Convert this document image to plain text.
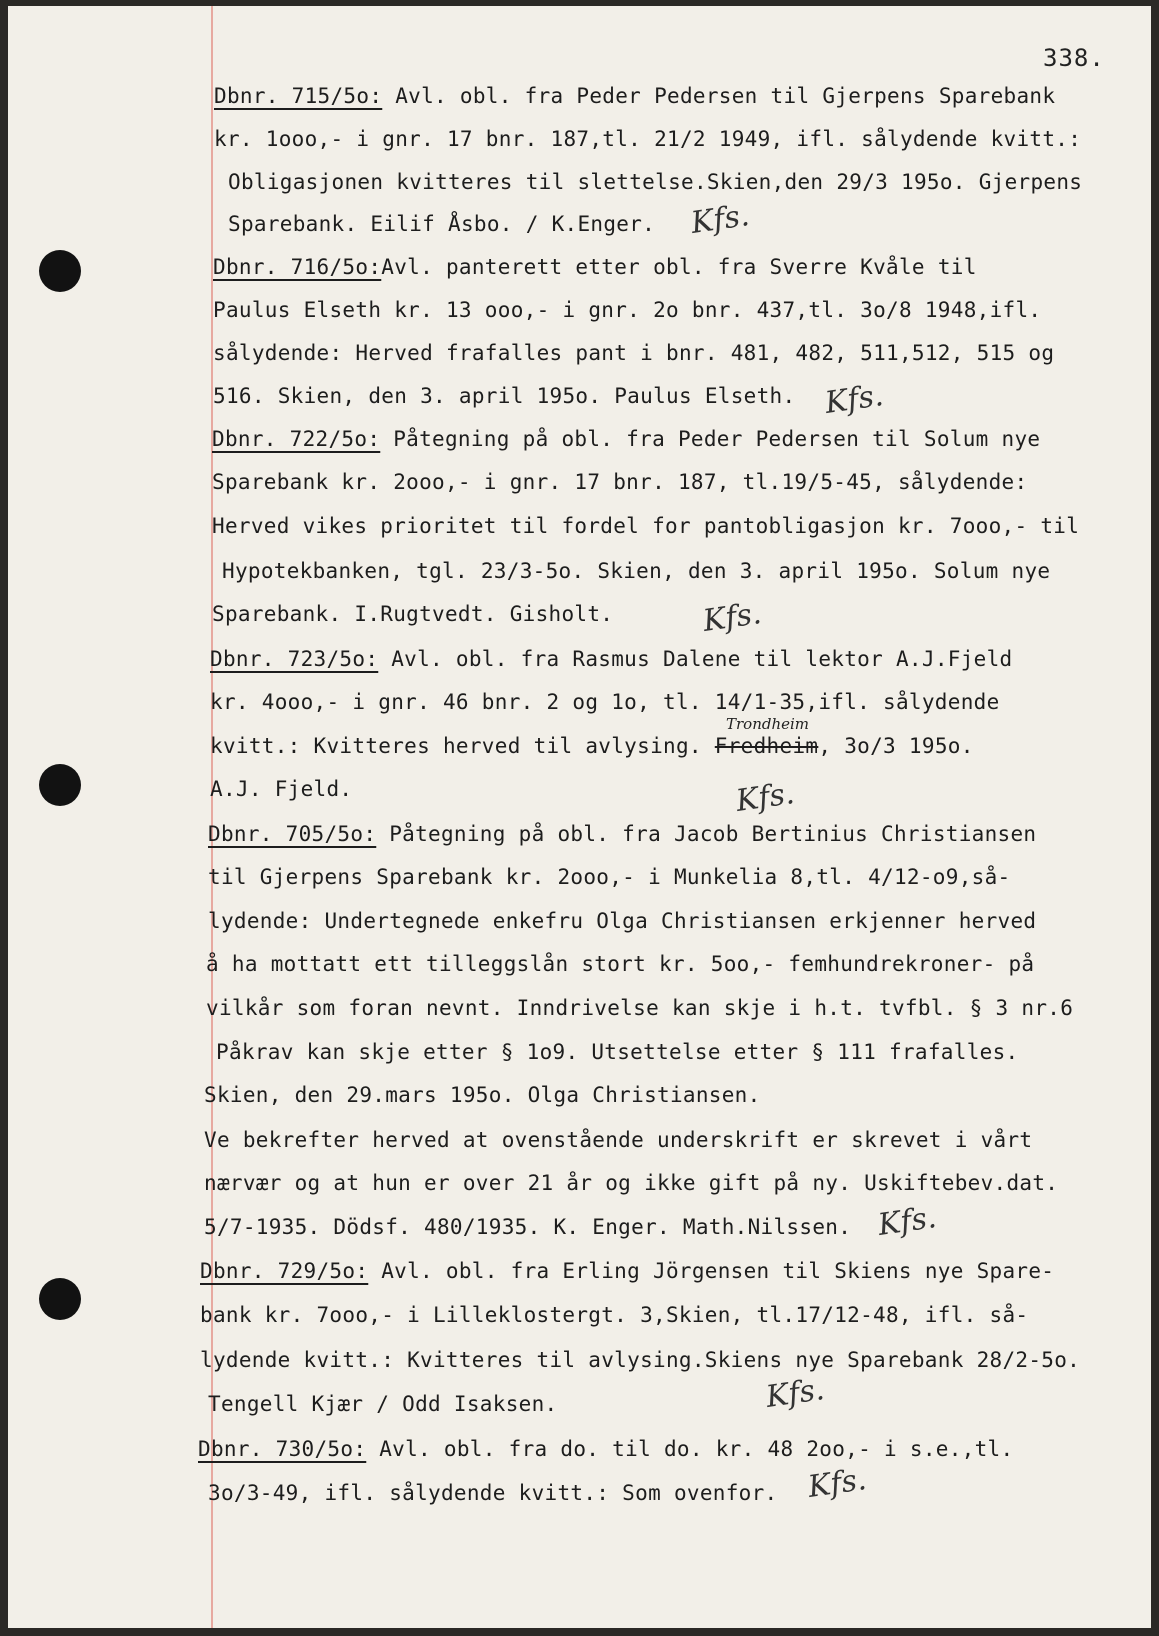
338.
Dbnr. 715/5o: Avl. obl. fra Peder Pedersen til Gjerpens Sparebank
kr. 1ooo,- i gnr. 17 bnr. 187,tl. 21/2 1949, ifl. sålydende kvitt.:
Obligasjonen kvitteres til slettelse.Skien,den 29/3 195o. Gjerpens
Sparebank. Eilif Åsbo. / K.Enger.
Dbnr. 716/5o:Avl. panterett etter obl. fra Sverre Kvåle til
Paulus Elseth kr. 13 ooo,- i gnr. 2o bnr. 437,tl. 3o/8 1948,ifl.
sålydende: Herved frafalles pant i bnr. 481, 482, 511,512, 515 og
516. Skien, den 3. april 195o. Paulus Elseth.
Dbnr. 722/5o: Påtegning på obl. fra Peder Pedersen til Solum nye
Sparebank kr. 2ooo,- i gnr. 17 bnr. 187, tl.19/5-45, sålydende:
Herved vikes prioritet til fordel for pantobligasjon kr. 7ooo,- til
Hypotekbanken, tgl. 23/3-5o. Skien, den 3. april 195o. Solum nye
Sparebank. I.Rugtvedt. Gisholt.
Dbnr. 723/5o: Avl. obl. fra Rasmus Dalene til lektor A.J.Fjeld
kr. 4ooo,- i gnr. 46 bnr. 2 og 1o, tl. 14/1-35,ifl. sålydende
kvitt.: Kvitteres herved til avlysing. Fredheim, 3o/3 195o.
A.J. Fjeld.
Dbnr. 705/5o: Påtegning på obl. fra Jacob Bertinius Christiansen
til Gjerpens Sparebank kr. 2ooo,- i Munkelia 8,tl. 4/12-o9,så-
lydende: Undertegnede enkefru Olga Christiansen erkjenner herved
å ha mottatt ett tilleggslån stort kr. 5oo,- femhundrekroner- på
vilkår som foran nevnt. Inndrivelse kan skje i h.t. tvfbl. § 3 nr.6
Påkrav kan skje etter § 1o9. Utsettelse etter § 111 frafalles.
Skien, den 29.mars 195o. Olga Christiansen.
Ve bekrefter herved at ovenstående underskrift er skrevet i vårt
nærvær og at hun er over 21 år og ikke gift på ny. Uskiftebev.dat.
5/7-1935. Dödsf. 480/1935. K. Enger. Math.Nilssen.
Dbnr. 729/5o: Avl. obl. fra Erling Jörgensen til Skiens nye Spare-
bank kr. 7ooo,- i Lilleklostergt. 3,Skien, tl.17/12-48, ifl. så-
lydende kvitt.: Kvitteres til avlysing.Skiens nye Sparebank 28/2-5o.
Tengell Kjær / Odd Isaksen.
Dbnr. 730/5o: Avl. obl. fra do. til do. kr. 48 2oo,- i s.e.,tl.
3o/3-49, ifl. sålydende kvitt.: Som ovenfor.
Trondheim
Kfs.
Kfs.
Kfs.
Kfs.
Kfs.
Kfs.
Kfs.
